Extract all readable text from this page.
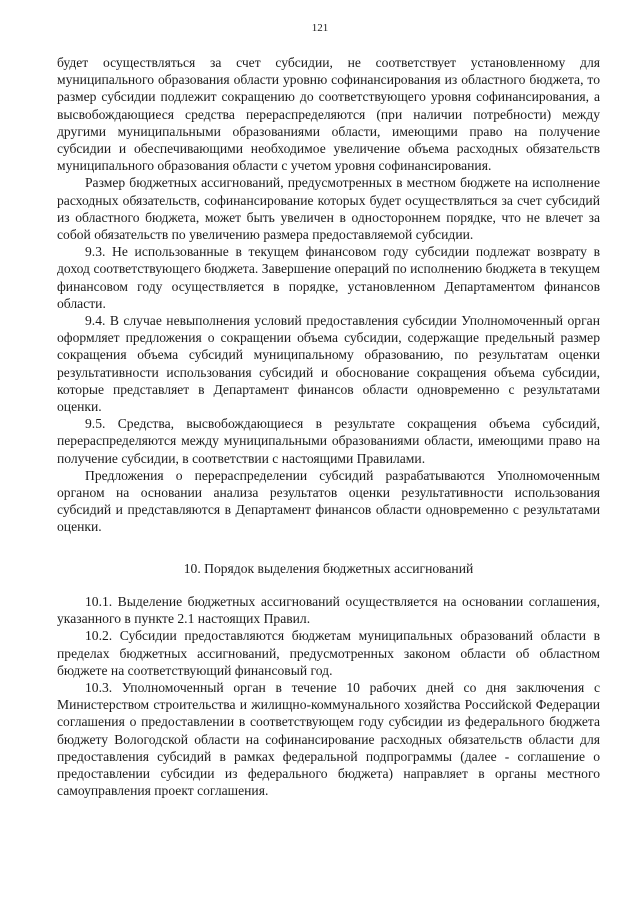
121

будет осуществляться за счет субсидии, не соответствует установленному для муниципального образования области уровню софинансирования из областного бюджета, то размер субсидии подлежит сокращению до соответствующего уровня софинансирования, а высвобождающиеся средства перераспределяются (при наличии потребности) между другими муниципальными образованиями области, имеющими право на получение субсидии и обеспечивающими необходимое увеличение объема расходных обязательств муниципального образования области с учетом уровня софинансирования.

Размер бюджетных ассигнований, предусмотренных в местном бюджете на исполнение расходных обязательств, софинансирование которых будет осуществляться за счет субсидий из областного бюджета, может быть увеличен в одностороннем порядке, что не влечет за собой обязательств по увеличению размера предоставляемой субсидии.

9.3. Не использованные в текущем финансовом году субсидии подлежат возврату в доход соответствующего бюджета. Завершение операций по исполнению бюджета в текущем финансовом году осуществляется в порядке, установленном Департаментом финансов области.

9.4. В случае невыполнения условий предоставления субсидии Уполномоченный орган оформляет предложения о сокращении объема субсидии, содержащие предельный размер сокращения объема субсидий муниципальному образованию, по результатам оценки результативности использования субсидий и обоснование сокращения объема субсидии, которые представляет в Департамент финансов области одновременно с результатами оценки.

9.5. Средства, высвобождающиеся в результате сокращения объема субсидий, перераспределяются между муниципальными образованиями области, имеющими право на получение субсидии, в соответствии с настоящими Правилами.

Предложения о перераспределении субсидий разрабатываются Уполномоченным органом на основании анализа результатов оценки результативности использования субсидий и представляются в Департамент финансов области одновременно с результатами оценки.

10. Порядок выделения бюджетных ассигнований

10.1. Выделение бюджетных ассигнований осуществляется на основании соглашения, указанного в пункте 2.1 настоящих Правил.

10.2. Субсидии предоставляются бюджетам муниципальных образований области в пределах бюджетных ассигнований, предусмотренных законом области об областном бюджете на соответствующий финансовый год.

10.3. Уполномоченный орган в течение 10 рабочих дней со дня заключения с Министерством строительства и жилищно-коммунального хозяйства Российской Федерации соглашения о предоставлении в соответствующем году субсидии из федерального бюджета бюджету Вологодской области на софинансирование расходных обязательств области для предоставления субсидий в рамках федеральной подпрограммы (далее - соглашение о предоставлении субсидии из федерального бюджета) направляет в органы местного самоуправления проект соглашения.
